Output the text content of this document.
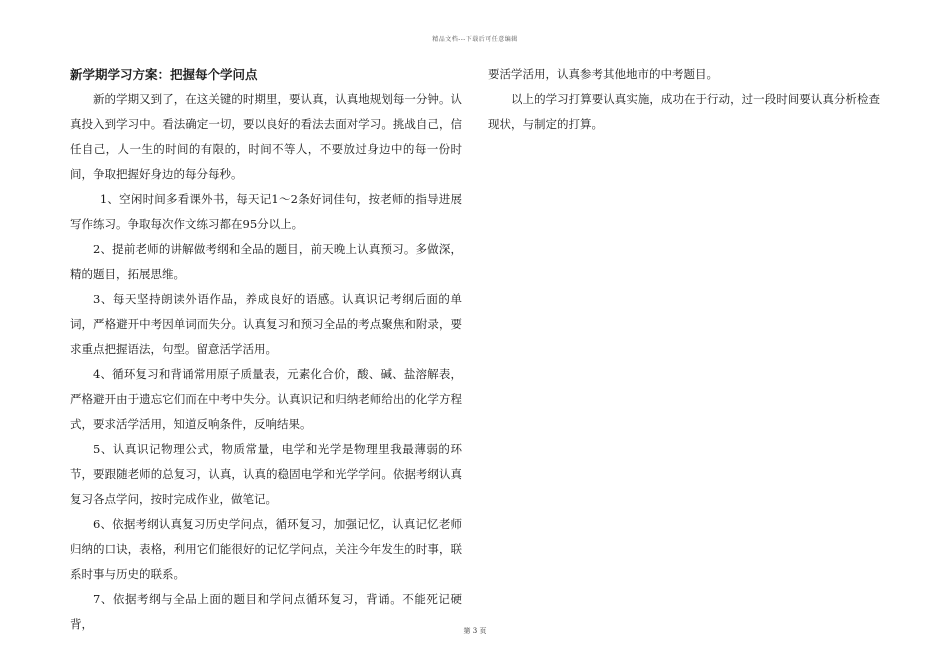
精品文档---下载后可任意编辑
新学期学习方案：把握每个学问点

新的学期又到了，在这关键的时期里，要认真，认真地规划每一分钟。认真投入到学习中。看法确定一切，要以良好的看法去面对学习。挑战自己，信任自己，人一生的时间的有限的，时间不等人，不要放过身边中的每一份时间，争取把握好身边的每分每秒。

1、空闲时间多看课外书，每天记1～2条好词佳句，按老师的指导进展写作练习。争取每次作文练习都在95分以上。

2、提前老师的讲解做考纲和全品的题目，前天晚上认真预习。多做深，精的题目，拓展思维。

3、每天坚持朗读外语作品，养成良好的语感。认真识记考纲后面的单词，严格避开中考因单词而失分。认真复习和预习全品的考点聚焦和附录，要求重点把握语法，句型。留意活学活用。

4、循环复习和背诵常用原子质量表，元素化合价，酸、碱、盐溶解表，严格避开由于遗忘它们而在中考中失分。认真识记和归纳老师给出的化学方程式，要求活学活用，知道反响条件，反响结果。

5、认真识记物理公式，物质常量，电学和光学是物理里我最薄弱的环节，要跟随老师的总复习，认真，认真的稳固电学和光学学问。依据考纲认真复习各点学问，按时完成作业，做笔记。

6、依据考纲认真复习历史学问点，循环复习，加强记忆，认真记忆老师归纳的口诀，表格，利用它们能很好的记忆学问点，关注今年发生的时事，联系时事与历史的联系。

7、依据考纲与全品上面的题目和学问点循环复习，背诵。不能死记硬背，

要活学活用，认真参考其他地市的中考题目。

以上的学习打算要认真实施，成功在于行动，过一段时间要认真分析检查现状，与制定的打算。

第 3 页
